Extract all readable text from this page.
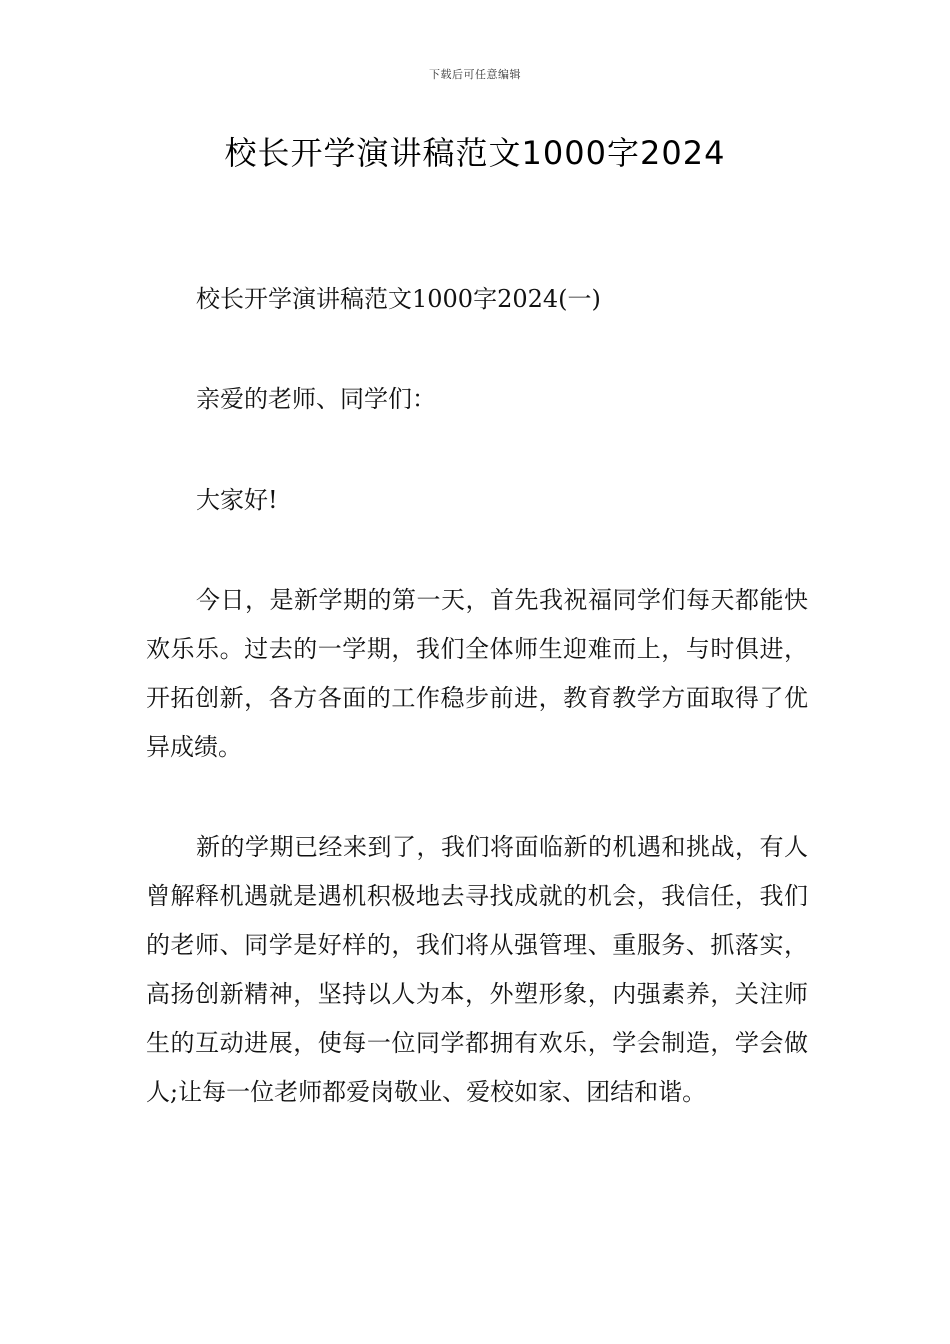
下载后可任意编辑
校长开学演讲稿范文1000字2024

校长开学演讲稿范文1000字2024(一)

亲爱的老师、同学们：

大家好!

今日，是新学期的第一天，首先我祝福同学们每天都能快欢乐乐。过去的一学期，我们全体师生迎难而上，与时俱进，开拓创新，各方各面的工作稳步前进，教育教学方面取得了优异成绩。

新的学期已经来到了，我们将面临新的机遇和挑战，有人曾解释机遇就是遇机积极地去寻找成就的机会，我信任，我们的老师、同学是好样的，我们将从强管理、重服务、抓落实，高扬创新精神，坚持以人为本，外塑形象，内强素养，关注师生的互动进展，使每一位同学都拥有欢乐，学会制造，学会做人;让每一位老师都爱岗敬业、爱校如家、团结和谐。
